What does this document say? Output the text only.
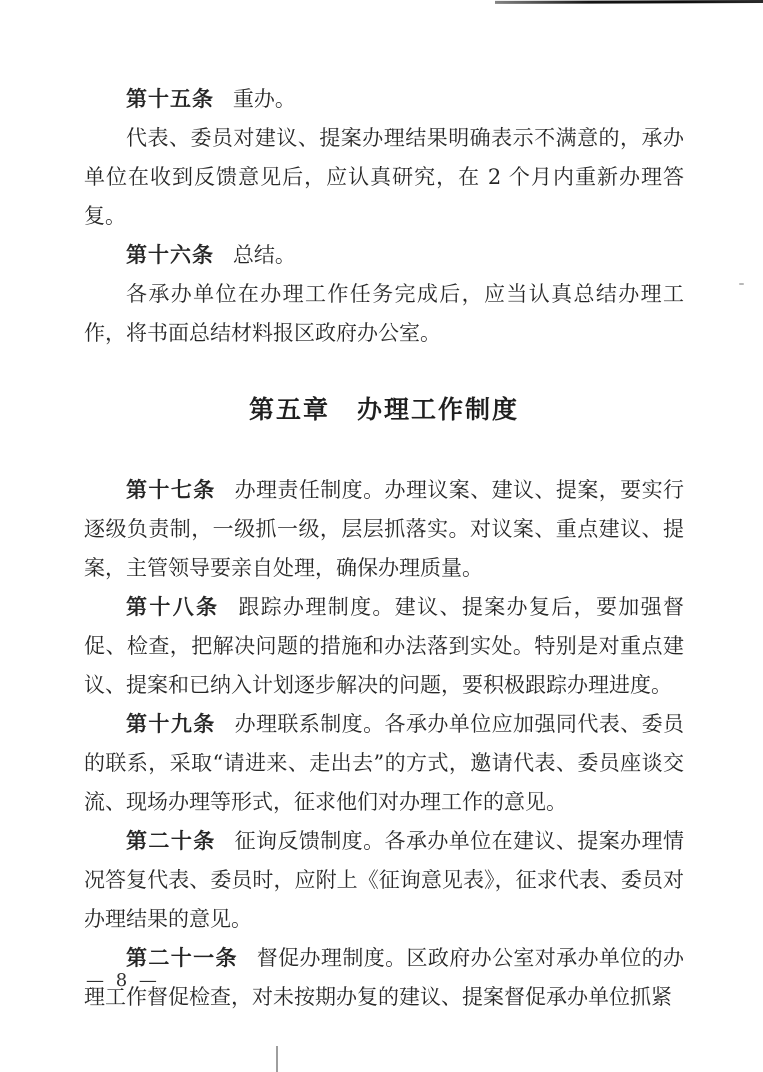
第十五条 重办。

代表、委员对建议、提案办理结果明确表示不满意的，承办单位在收到反馈意见后，应认真研究，在 2 个月内重新办理答复。

第十六条 总结。

各承办单位在办理工作任务完成后，应当认真总结办理工作，将书面总结材料报区政府办公室。

第五章　办理工作制度

第十七条 办理责任制度。办理议案、建议、提案，要实行逐级负责制，一级抓一级，层层抓落实。对议案、重点建议、提案，主管领导要亲自处理，确保办理质量。

第十八条 跟踪办理制度。建议、提案办复后，要加强督促、检查，把解决问题的措施和办法落到实处。特别是对重点建议、提案和已纳入计划逐步解决的问题，要积极跟踪办理进度。

第十九条 办理联系制度。各承办单位应加强同代表、委员的联系，采取“请进来、走出去”的方式，邀请代表、委员座谈交流、现场办理等形式，征求他们对办理工作的意见。

第二十条 征询反馈制度。各承办单位在建议、提案办理情况答复代表、委员时，应附上《征询意见表》，征求代表、委员对办理结果的意见。

第二十一条 督促办理制度。区政府办公室对承办单位的办理工作督促检查，对未按期办复的建议、提案督促承办单位抓紧

— 8 —
